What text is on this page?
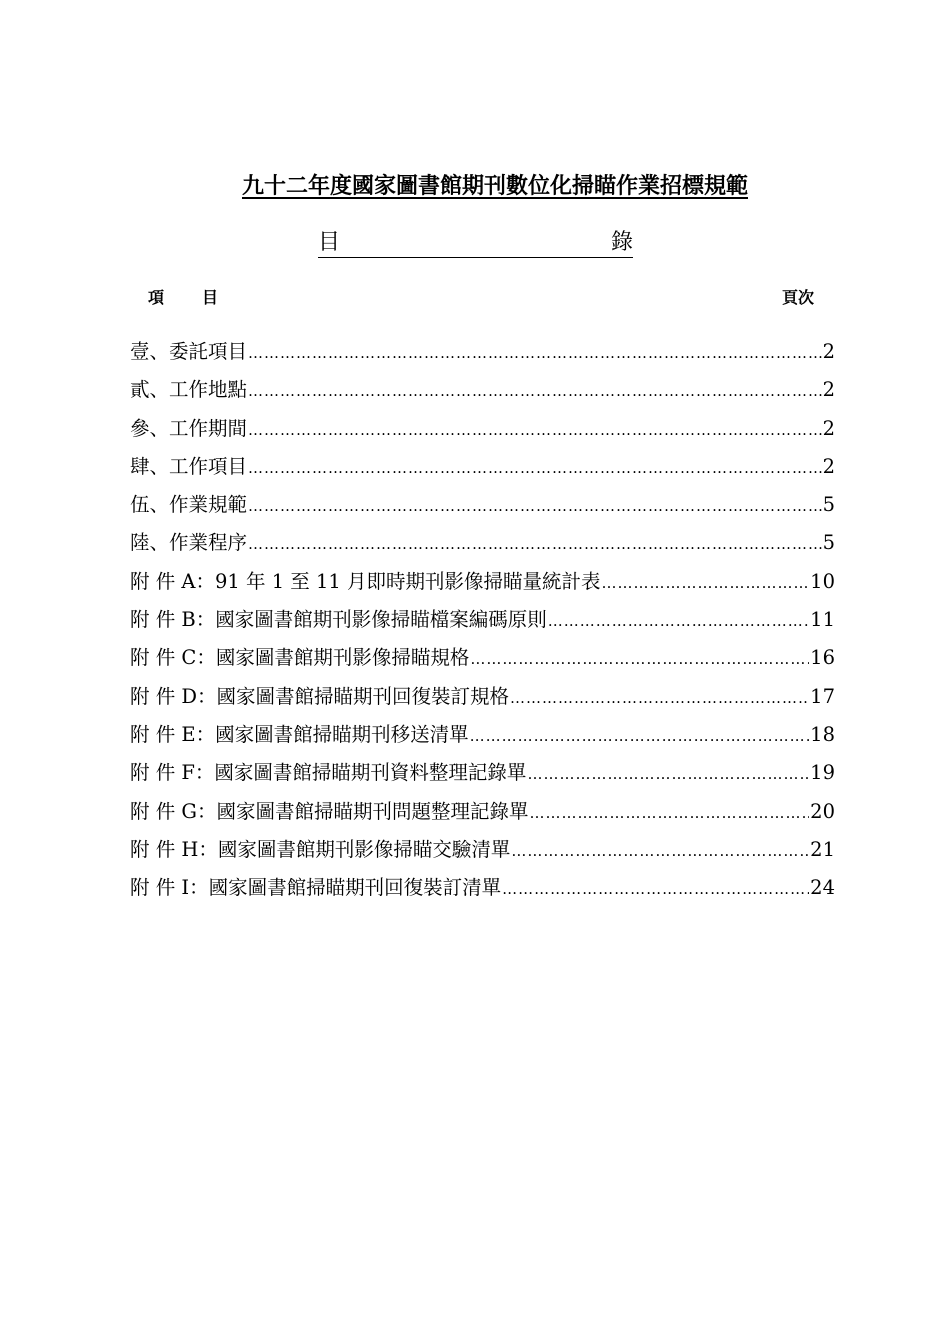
九十二年度國家圖書館期刊數位化掃瞄作業招標規範
目	錄
項　　目	頁次
壹、委託項目 ………………………………………………………………………………………………………………………………………………………………………………	2
貳、工作地點 ………………………………………………………………………………………………………………………………………………………………………………	2
參、工作期間 ………………………………………………………………………………………………………………………………………………………………………………	2
肆、工作項目 ………………………………………………………………………………………………………………………………………………………………………………	2
伍、作業規範 ………………………………………………………………………………………………………………………………………………………………………………	5
陸、作業程序 ………………………………………………………………………………………………………………………………………………………………………………	5
附 件 A：91 年 1 至 11 月即時期刊影像掃瞄量統計表 ………………………………………………………………………………………………………………………………………………………………………………	10
附 件 B：國家圖書館期刊影像掃瞄檔案編碼原則 ………………………………………………………………………………………………………………………………………………………………………………	11
附 件 C：國家圖書館期刊影像掃瞄規格 ………………………………………………………………………………………………………………………………………………………………………………	16
附 件 D：國家圖書館掃瞄期刊回復裝訂規格 ………………………………………………………………………………………………………………………………………………………………………………	17
附 件 E：國家圖書館掃瞄期刊移送清單 ………………………………………………………………………………………………………………………………………………………………………………	18
附 件 F：國家圖書館掃瞄期刊資料整理記錄單 ………………………………………………………………………………………………………………………………………………………………………………	19
附 件 G：國家圖書館掃瞄期刊問題整理記錄單 ………………………………………………………………………………………………………………………………………………………………………………	20
附 件 H：國家圖書館期刊影像掃瞄交驗清單 ………………………………………………………………………………………………………………………………………………………………………………	21
附 件 I：國家圖書館掃瞄期刊回復裝訂清單 ………………………………………………………………………………………………………………………………………………………………………………	24
